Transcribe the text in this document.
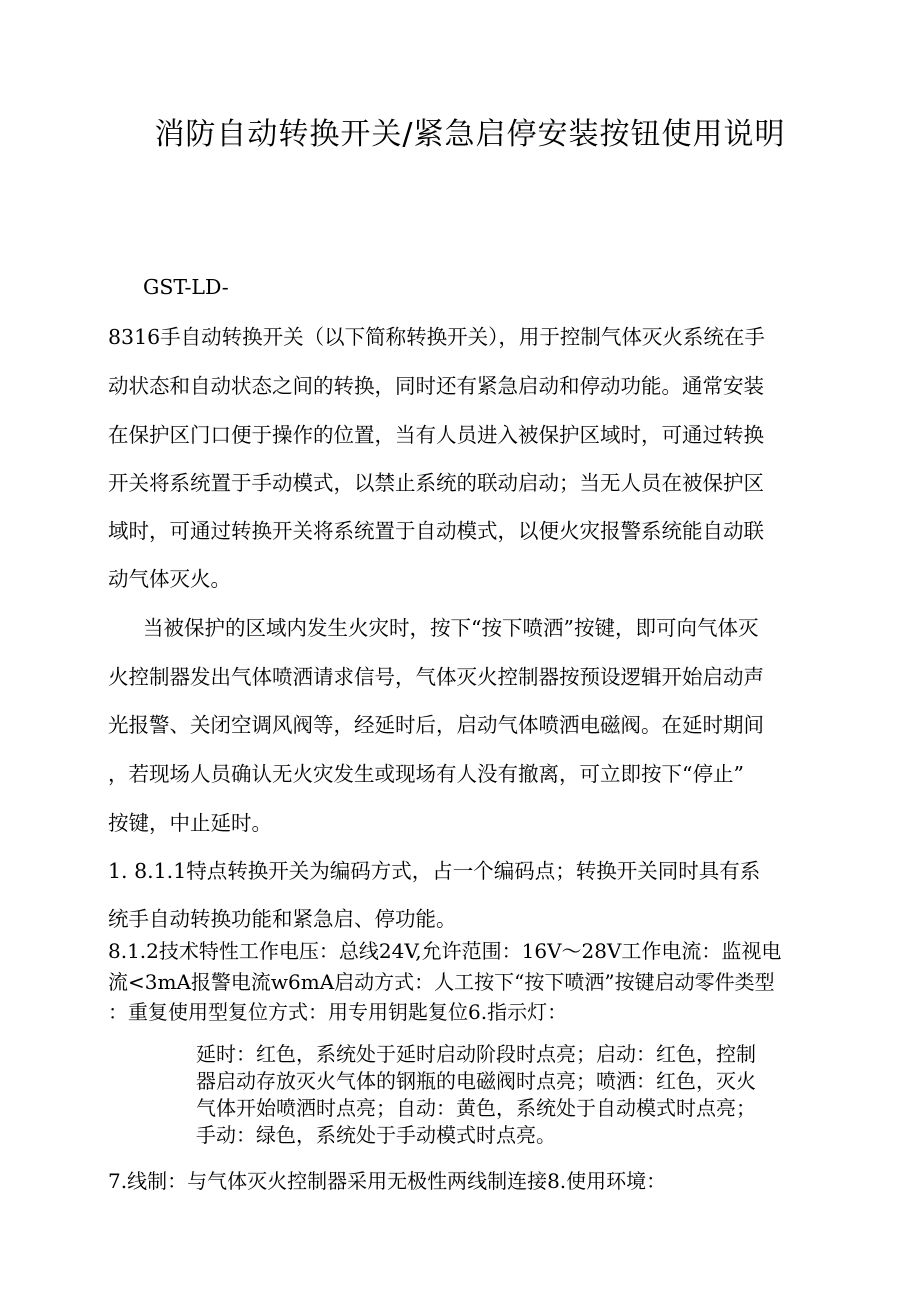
消防自动转换开关/紧急启停安装按钮使用说明
GST-LD-
8316手自动转换开关（以下简称转换开关），用于控制气体灭火系统在手
动状态和自动状态之间的转换，同时还有紧急启动和停动功能。通常安装
在保护区门口便于操作的位置，当有人员进入被保护区域时，可通过转换
开关将系统置于手动模式，以禁止系统的联动启动；当无人员在被保护区
域时，可通过转换开关将系统置于自动模式，以便火灾报警系统能自动联
动气体灭火。
当被保护的区域内发生火灾时，按下“按下喷洒”按键，即可向气体灭
火控制器发出气体喷洒请求信号，气体灭火控制器按预设逻辑开始启动声
光报警、关闭空调风阀等，经延时后，启动气体喷洒电磁阀。在延时期间
，若现场人员确认无火灾发生或现场有人没有撤离，可立即按下“停止”
按键，中止延时。
1. 8.1.1特点转换开关为编码方式，占一个编码点；转换开关同时具有系
统手自动转换功能和紧急启、停功能。
8.1.2技术特性工作电压：总线24V,允许范围：16V～28V工作电流：监视电
流<3mA报警电流w6mA启动方式：人工按下“按下喷洒”按键启动零件类型
：重复使用型复位方式：用专用钥匙复位6.指示灯：
延时：红色，系统处于延时启动阶段时点亮；启动：红色，控制
器启动存放灭火气体的钢瓶的电磁阀时点亮；喷洒：红色，灭火
气体开始喷洒时点亮；自动：黄色，系统处于自动模式时点亮；
手动：绿色，系统处于手动模式时点亮。
7.线制：与气体灭火控制器采用无极性两线制连接8.使用环境：
